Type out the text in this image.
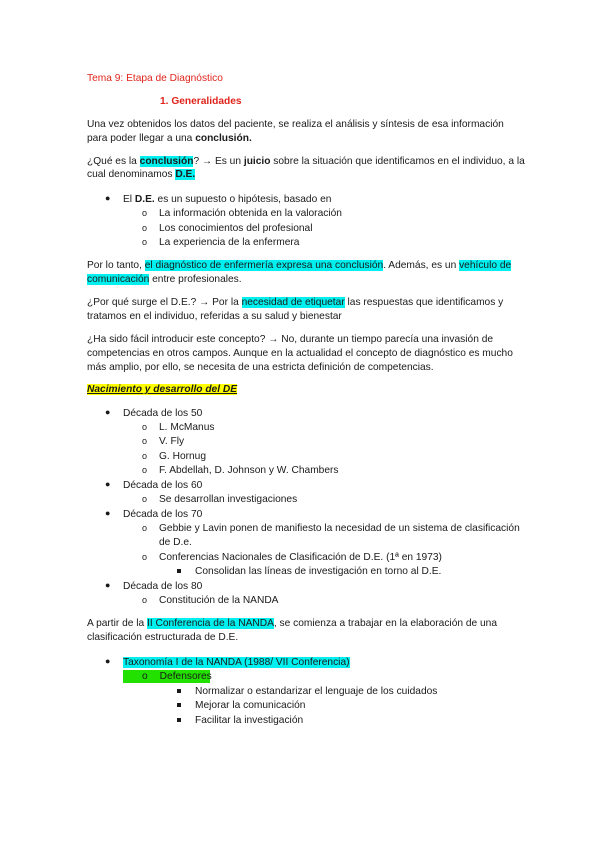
Tema 9: Etapa de Diagnóstico
1. Generalidades
Una vez obtenidos los datos del paciente, se realiza el análisis y síntesis de esa información
para poder llegar a una conclusión.
¿Qué es la conclusión? → Es un juicio sobre la situación que identificamos en el individuo, a la
cual denominamos D.E.
● El D.E. es un supuesto o hipótesis, basado en
o La información obtenida en la valoración
o Los conocimientos del profesional
o La experiencia de la enfermera
Por lo tanto, el diagnóstico de enfermería expresa una conclusión. Además, es un vehículo de
comunicación entre profesionales.
¿Por qué surge el D.E.? → Por la necesidad de etiquetar las respuestas que identificamos y
tratamos en el individuo, referidas a su salud y bienestar
¿Ha sido fácil introducir este concepto? → No, durante un tiempo parecía una invasión de
competencias en otros campos. Aunque en la actualidad el concepto de diagnóstico es mucho
más amplio, por ello, se necesita de una estricta definición de competencias.
Nacimiento y desarrollo del DE
● Década de los 50
o L. McManus
o V. Fly
o G. Hornug
o F. Abdellah, D. Johnson y W. Chambers
● Década de los 60
o Se desarrollan investigaciones
● Década de los 70
o Gebbie y Lavin ponen de manifiesto la necesidad de un sistema de clasificación
de D.e.
o Conferencias Nacionales de Clasificación de D.E. (1ª en 1973)
Consolidan las líneas de investigación en torno al D.E.
● Década de los 80
o Constitución de la NANDA
A partir de la II Conferencia de la NANDA, se comienza a trabajar en la elaboración de una
clasificación estructurada de D.E.
● Taxonomía I de la NANDA (1988/ VII Conferencia)
o Defensores
Normalizar o estandarizar el lenguaje de los cuidados
Mejorar la comunicación
Facilitar la investigación
